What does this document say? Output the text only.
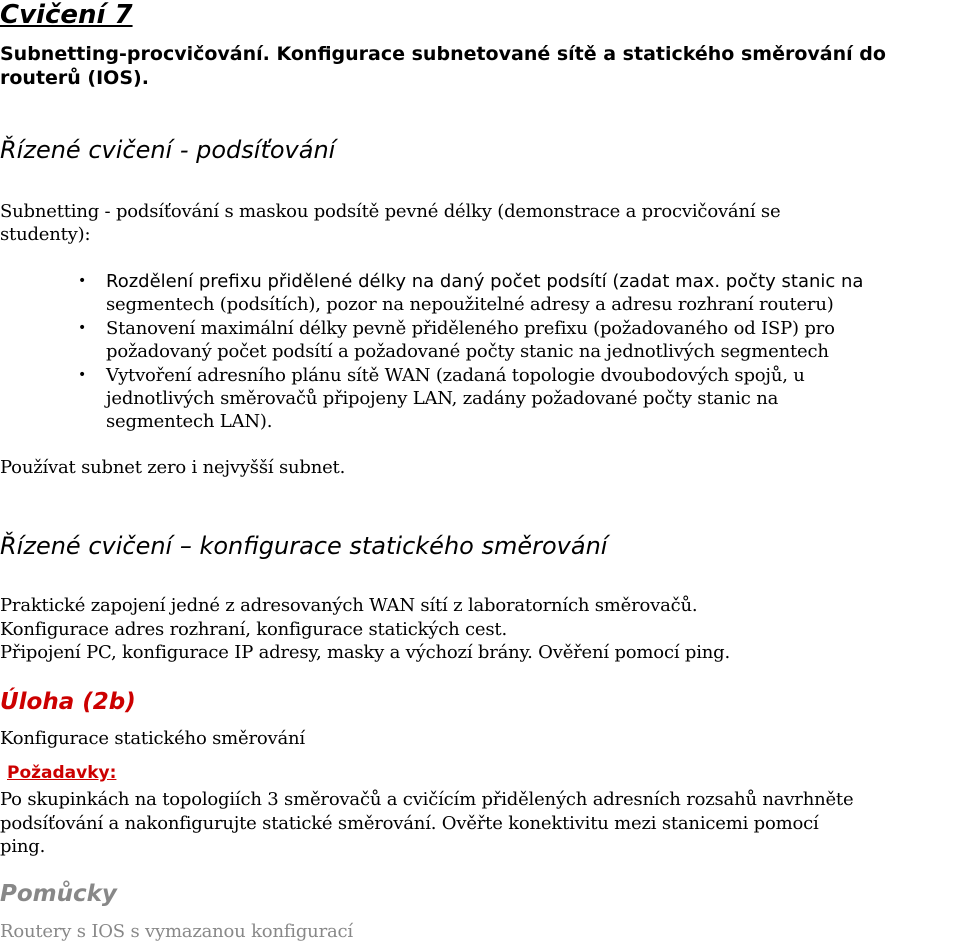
Cvičení 7
Subnetting-procvičování. Konfigurace subnetované sítě a statického směrování do
routerů (IOS).
Řízené cvičení - podsíťování
Subnetting - podsíťování s maskou podsítě pevné délky (demonstrace a procvičování se
studenty):
• Rozdělení prefixu přidělené délky na daný počet podsítí (zadat max. počty stanic na
segmentech (podsítích), pozor na nepoužitelné adresy a adresu rozhraní routeru)
• Stanovení maximální délky pevně přiděleného prefixu (požadovaného od ISP) pro
požadovaný počet podsítí a požadované počty stanic na jednotlivých segmentech
• Vytvoření adresního plánu sítě WAN (zadaná topologie dvoubodových spojů, u
jednotlivých směrovačů připojeny LAN, zadány požadované počty stanic na
segmentech LAN).
Používat subnet zero i nejvyšší subnet.
Řízené cvičení – konfigurace statického směrování
Praktické zapojení jedné z adresovaných WAN sítí z laboratorních směrovačů.
Konfigurace adres rozhraní, konfigurace statických cest.
Připojení PC, konfigurace IP adresy, masky a výchozí brány. Ověření pomocí ping.
Úloha (2b)
Konfigurace statického směrování
Požadavky:
Po skupinkách na topologiích 3 směrovačů a cvičícím přidělených adresních rozsahů navrhněte
podsíťování a nakonfigurujte statické směrování. Ověřte konektivitu mezi stanicemi pomocí
ping.
Pomůcky
Routery s IOS s vymazanou konfigurací
